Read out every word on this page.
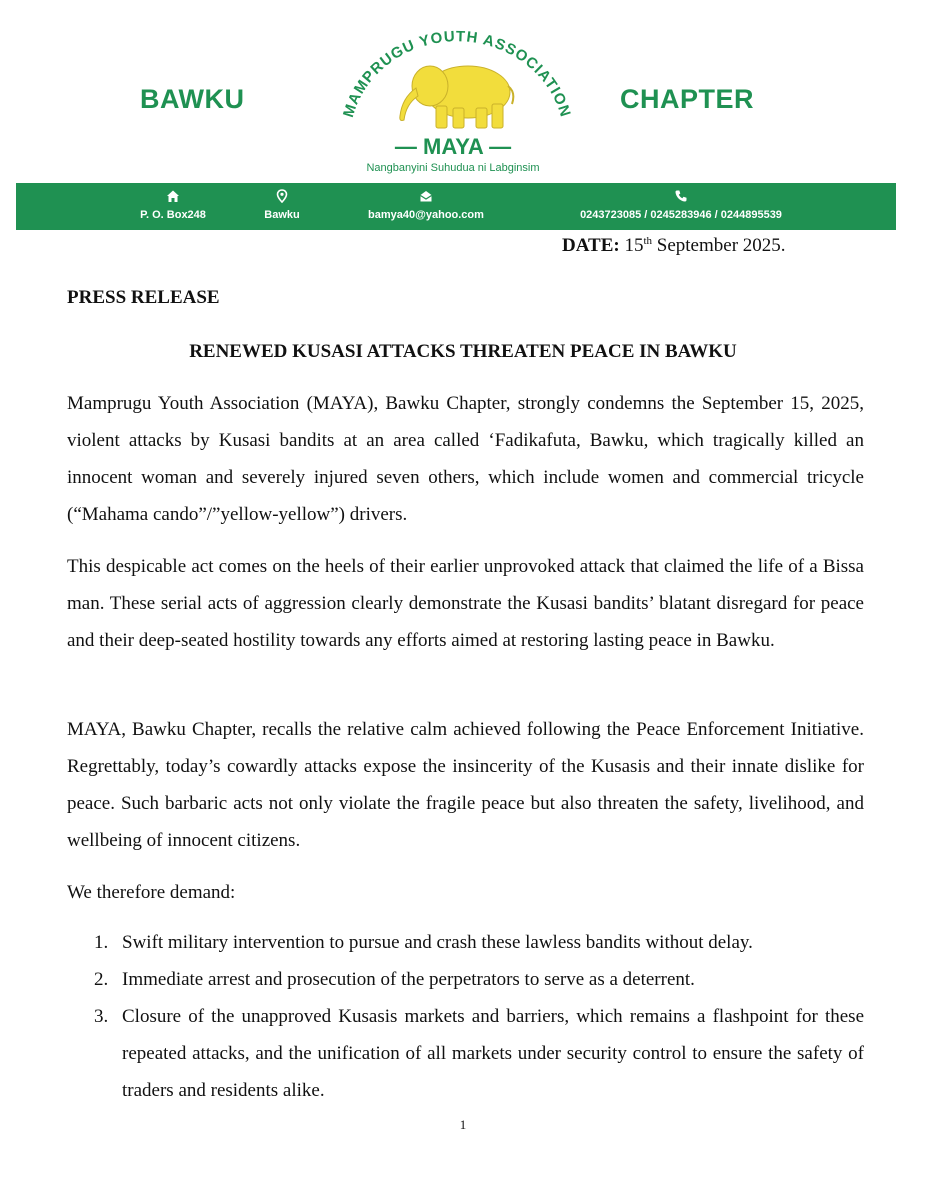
BAWKU	MAMPRUGU YOUTH ASSOCIATION
— MAYA —
Nangbanyini Suhudua ni Labginsim
CHAPTER
P. O. Box248	Bawku	bamya40@yahoo.com	0243723085 / 0245283946 / 0244895539
DATE: 15th September 2025.
PRESS RELEASE
RENEWED KUSASI ATTACKS THREATEN PEACE IN BAWKU
Mamprugu Youth Association (MAYA), Bawku Chapter, strongly condemns the September 15, 2025, violent attacks by Kusasi bandits at an area called ‘Fadikafuta, Bawku, which tragically killed an innocent woman and severely injured seven others, which include women and commercial tricycle (“Mahama cando”/”yellow-yellow”) drivers.
This despicable act comes on the heels of their earlier unprovoked attack that claimed the life of a Bissa man. These serial acts of aggression clearly demonstrate the Kusasi bandits’ blatant disregard for peace and their deep-seated hostility towards any efforts aimed at restoring lasting peace in Bawku.
MAYA, Bawku Chapter, recalls the relative calm achieved following the Peace Enforcement Initiative. Regrettably, today’s cowardly attacks expose the insincerity of the Kusasis and their innate dislike for peace. Such barbaric acts not only violate the fragile peace but also threaten the safety, livelihood, and wellbeing of innocent citizens.
We therefore demand:
1. Swift military intervention to pursue and crash these lawless bandits without delay.
2. Immediate arrest and prosecution of the perpetrators to serve as a deterrent.
3. Closure of the unapproved Kusasis markets and barriers, which remains a flashpoint for these repeated attacks, and the unification of all markets under security control to ensure the safety of traders and residents alike.
1
